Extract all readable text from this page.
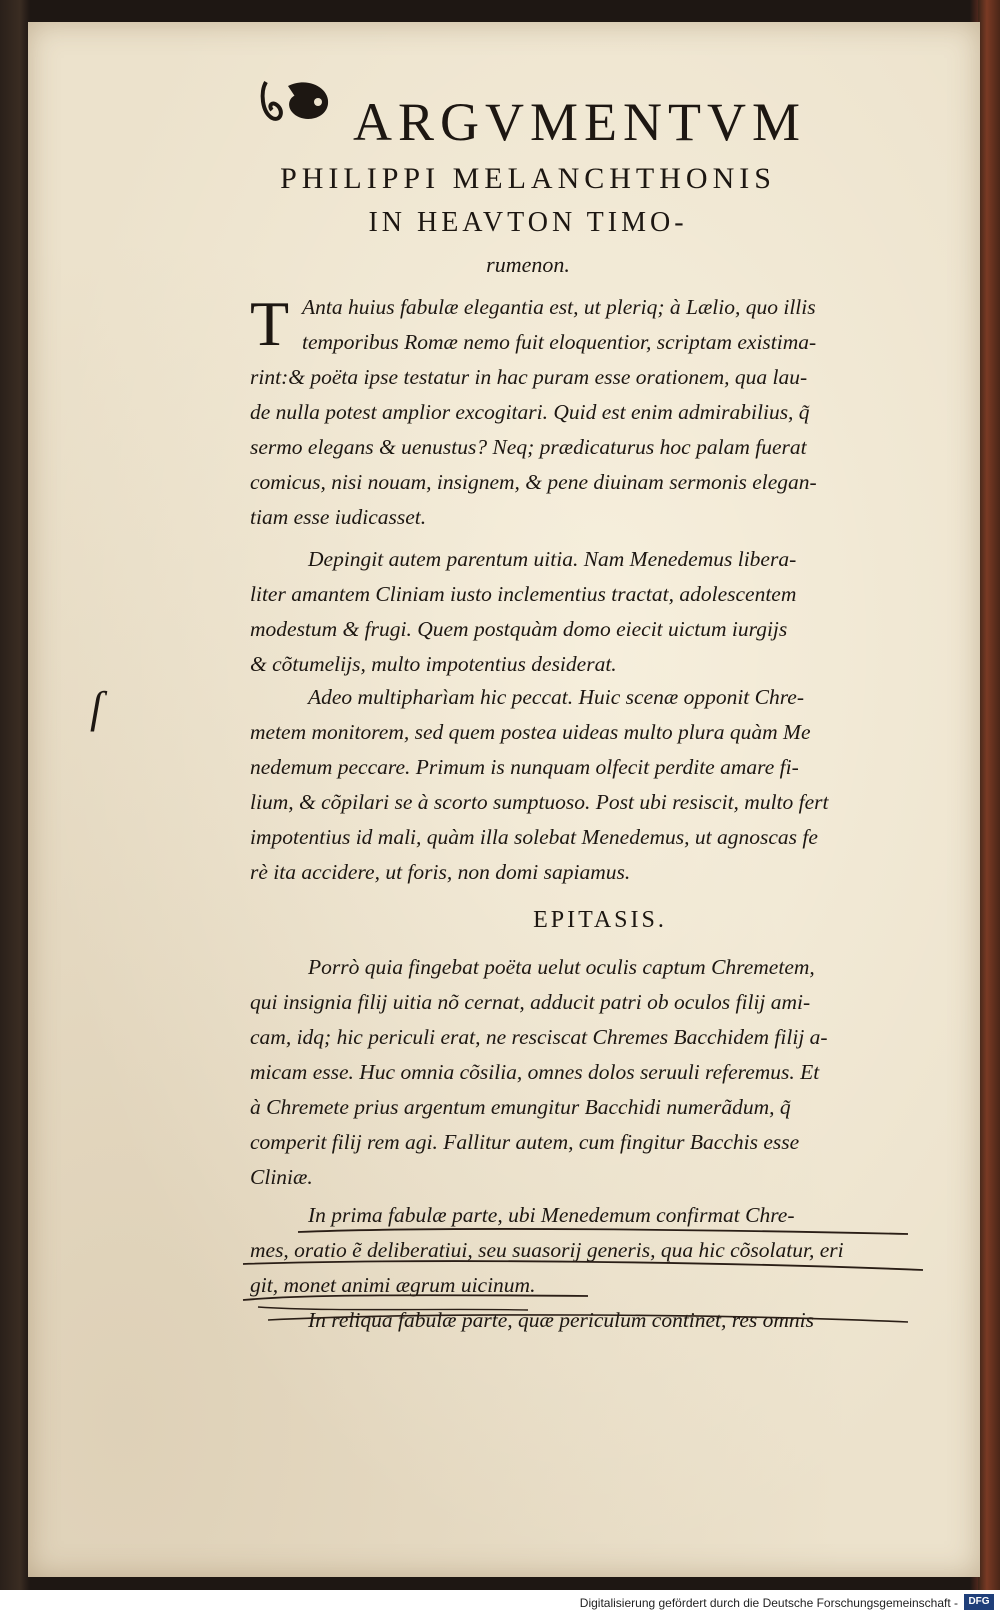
ARGVMENTVM
PHILIPPI MELANCHTHONIS
IN HEAVTON TIMO-
rumenon.
T Anta huius fabulæ elegantia est, ut pleriq; à Lælio, quo illis
temporibus Romæ nemo fuit eloquentior, scriptam existima-
rint:& poëta ipse testatur in hac puram esse orationem, qua lau-
de nulla potest amplior excogitari. Quid est enim admirabilius, q̃
sermo elegans & uenustus? Neq; prædicaturus hoc palam fuerat
comicus, nisi nouam, insignem, & pene diuinam sermonis elegan-
tiam esse iudicasset.
Depingit autem parentum uitia. Nam Menedemus libera-
liter amantem Cliniam iusto inclementius tractat, adolescentem
modestum & frugi. Quem postquàm domo eiecit uictum iurgijs
& cõtumelijs, multo impotentius desiderat.
ſ	Adeo multipharìam hic peccat. Huic scenæ opponit Chre-
metem monitorem, sed quem postea uideas multo plura quàm Me
nedemum peccare. Primum is nunquam olfecit perdite amare fi-
lium, & cõpilari se à scorto sumptuoso. Post ubi resiscit, multo fert
impotentius id mali, quàm illa solebat Menedemus, ut agnoscas fe
rè ita accidere, ut foris, non domi sapiamus.
EPITASIS.
Porrò quia fingebat poëta uelut oculis captum Chremetem,
qui insignia filij uitia nõ cernat, adducit patri ob oculos filij ami-
cam, idq; hic periculi erat, ne resciscat Chremes Bacchidem filij a-
micam esse. Huc omnia cõsilia, omnes dolos seruuli referemus. Et
à Chremete prius argentum emungitur Bacchidi numerãdum, q̃
comperit filij rem agi. Fallitur autem, cum fingitur Bacchis esse
Cliniæ.
In prima fabulæ parte, ubi Menedemum confirmat Chre-
mes, oratio ẽ deliberatiui, seu suasorij generis, qua hic cõsolatur, eri
git, monet animi ægrum uicinum.
In reliqua fabulæ parte, quæ periculum continet, res omnis
Digitalisierung gefördert durch die Deutsche Forschungsgemeinschaft -	DFG
